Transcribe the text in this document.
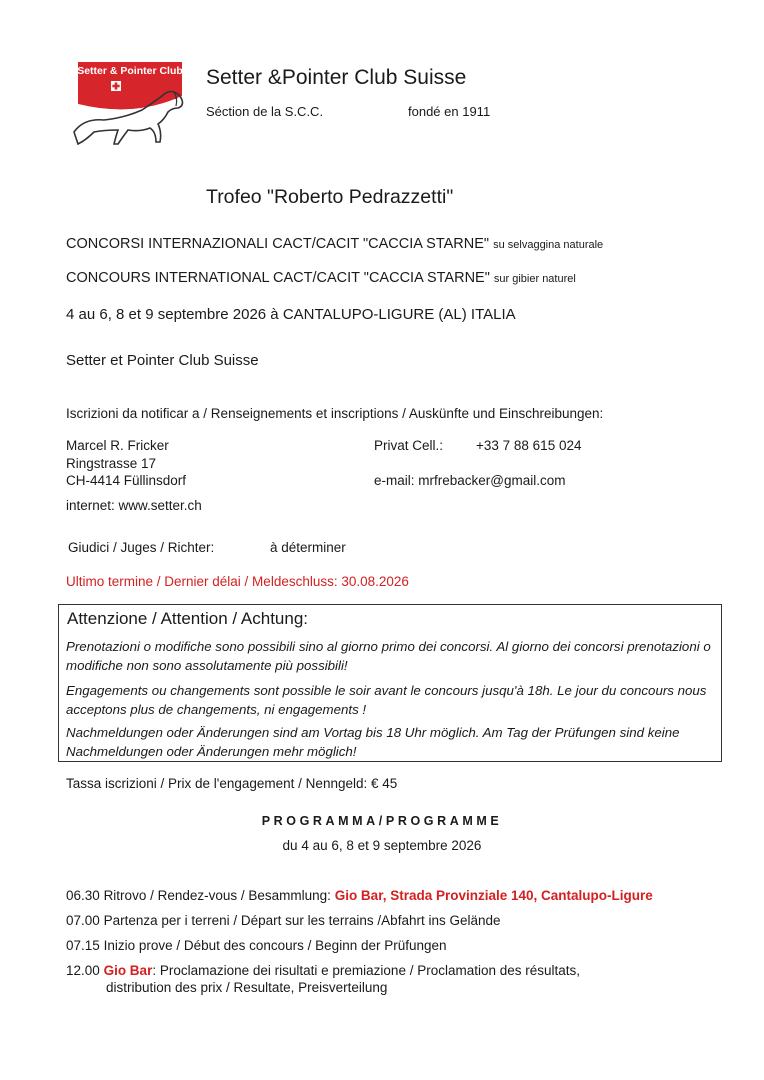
Setter & Pointer Club Setter &Pointer Club Suisse
Séction de la S.C.C.	fondé en 1911
Trofeo "Roberto Pedrazzetti"
CONCORSI INTERNAZIONALI CACT/CACIT "CACCIA STARNE" su selvaggina naturale
CONCOURS INTERNATIONAL CACT/CACIT "CACCIA STARNE" sur gibier naturel
4 au 6, 8 et 9 septembre 2026 à CANTALUPO-LIGURE (AL) ITALIA
Setter et Pointer Club Suisse
Iscrizioni da notificar a / Renseignements et inscriptions / Auskünfte und Einschreibungen:
Marcel R. Fricker
Ringstrasse 17
CH-4414 Füllinsdorf
Privat Cell.: +33 7 88 615 024
e-mail: mrfrebacker@gmail.com
internet: www.setter.ch
Giudici / Juges / Richter:	à déterminer
Ultimo termine / Dernier délai / Meldeschluss: 30.08.2026
Attenzione / Attention / Achtung:
Prenotazioni o modifiche sono possibili sino al giorno primo dei concorsi. Al giorno dei concorsi prenotazioni o modifiche non sono assolutamente più possibili!
Engagements ou changements sont possible le soir avant le concours jusqu'à 18h. Le jour du concours nous acceptons plus de changements, ni engagements !
Nachmeldungen oder Änderungen sind am Vortag bis 18 Uhr möglich. Am Tag der Prüfungen sind keine Nachmeldungen oder Änderungen mehr möglich!
Tassa iscrizioni / Prix de l'engagement / Nenngeld: € 45
PROGRAMMA/PROGRAMME
du 4 au 6, 8 et 9 septembre 2026
06.30 Ritrovo / Rendez-vous / Besammlung: Gio Bar, Strada Provinziale 140, Cantalupo-Ligure
07.00 Partenza per i terreni / Départ sur les terrains /Abfahrt ins Gelände
07.15 Inizio prove / Début des concours / Beginn der Prüfungen
12.00 Gio Bar: Proclamazione dei risultati e premiazione / Proclamation des résultats,
distribution des prix / Resultate, Preisverteilung
